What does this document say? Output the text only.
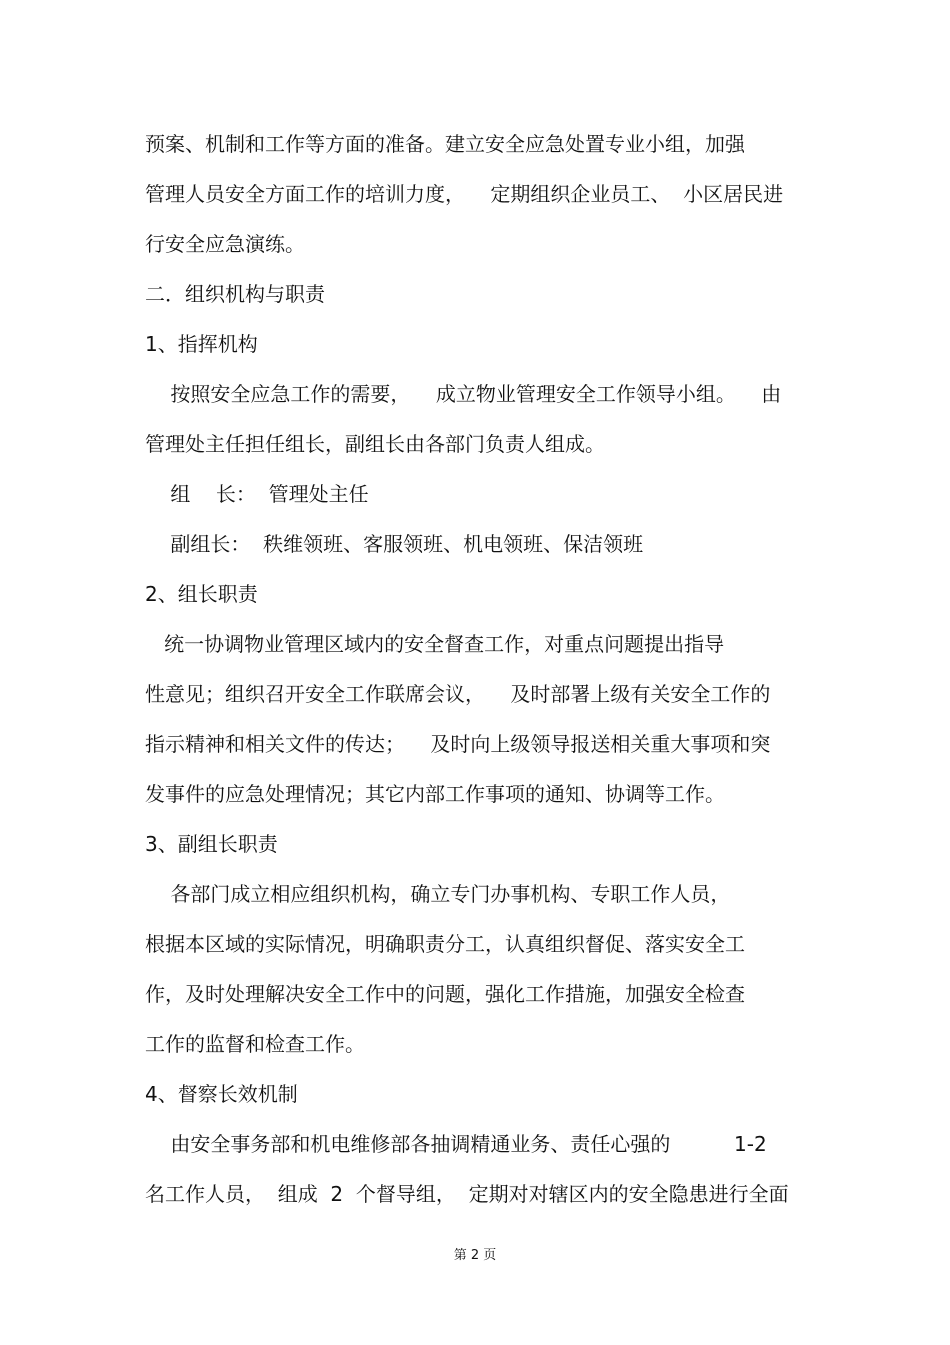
预案、机制和工作等方面的准备。建立安全应急处置专业小组，加强
管理人员安全方面工作的培训力度，    定期组织企业员工、  小区居民进
行安全应急演练。
二．组织机构与职责
1、指挥机构
按照安全应急工作的需要，    成立物业管理安全工作领导小组。    由
管理处主任担任组长，副组长由各部门负责人组成。
组    长：  管理处主任
副组长：  秩维领班、客服领班、机电领班、保洁领班
2、组长职责
统一协调物业管理区域内的安全督查工作，对重点问题提出指导
性意见；组织召开安全工作联席会议，    及时部署上级有关安全工作的
指示精神和相关文件的传达；    及时向上级领导报送相关重大事项和突
发事件的应急处理情况；其它内部工作事项的通知、协调等工作。
3、副组长职责
各部门成立相应组织机构，确立专门办事机构、专职工作人员，
根据本区域的实际情况，明确职责分工，认真组织督促、落实安全工
作，及时处理解决安全工作中的问题，强化工作措施，加强安全检查
工作的监督和检查工作。
4、督察长效机制
由安全事务部和机电维修部各抽调精通业务、责任心强的          1-2
名工作人员，  组成  2  个督导组，  定期对对辖区内的安全隐患进行全面
第 2 页
